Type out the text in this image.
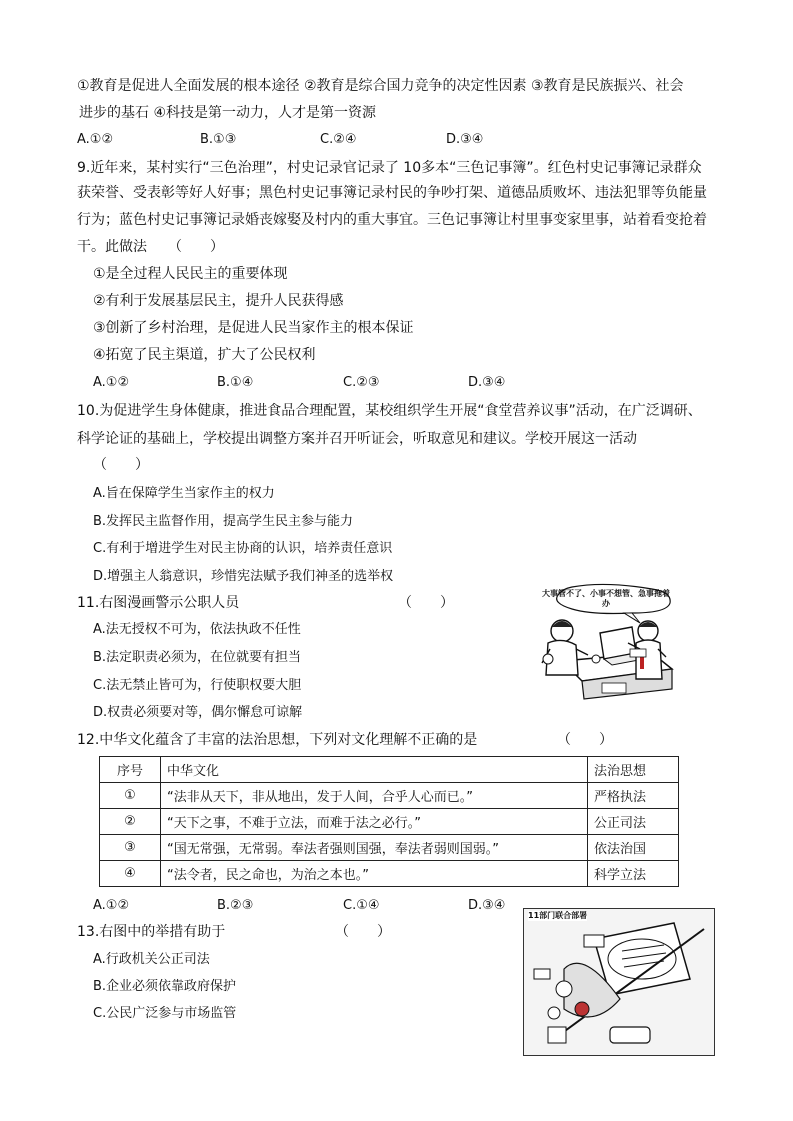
①教育是促进人全面发展的根本途径 ②教育是综合国力竞争的决定性因素 ③教育是民族振兴、社会
进步的基石 ④科技是第一动力，人才是第一资源
A.①②	B.①③	C.②④	D.③④
9.近年来，某村实行“三色治理”，村史记录官记录了 10多本“三色记事簿”。红色村史记事簿记录群众
获荣誉、受表彰等好人好事；黑色村史记事簿记录村民的争吵打架、道德品质败坏、违法犯罪等负能量
行为；蓝色村史记事簿记录婚丧嫁娶及村内的重大事宜。三色记事簿让村里事变家里事，站着看变抢着
干。此做法　　（　　）
①是全过程人民民主的重要体现
②有利于发展基层民主，提升人民获得感
③创新了乡村治理，是促进人民当家作主的根本保证
④拓宽了民主渠道，扩大了公民权利
A.①②	B.①④	C.②③	D.③④
10.为促进学生身体健康，推进食品合理配置，某校组织学生开展“食堂营养议事”活动，在广泛调研、
科学论证的基础上，学校提出调整方案并召开听证会，听取意见和建议。学校开展这一活动
（　　）
A.旨在保障学生当家作主的权力
B.发挥民主监督作用，提高学生民主参与能力
C.有利于增进学生对民主协商的认识，培养责任意识
D.增强主人翁意识，珍惜宪法赋予我们神圣的选举权
11.右图漫画警示公职人员	（　　）
A.法无授权不可为，依法执政不任性
B.法定职责必须为，在位就要有担当
C.法无禁止皆可为，行使职权要大胆
D.权责必须要对等，偶尔懈怠可谅解
大事管不了、小事不想管、急事拖着办
12.中华文化蕴含了丰富的法治思想，下列对文化理解不正确的是	（　　）
序号	中华文化	法治思想
①	“法非从天下，非从地出，发于人间，合乎人心而已。”	严格执法
②	“天下之事，不难于立法，而难于法之必行。”	公正司法
③	“国无常强，无常弱。奉法者强则国强，奉法者弱则国弱。”	依法治国
④	“法令者，民之命也，为治之本也。”	科学立法
A.①②	B.②③	C.①④	D.③④
13.右图中的举措有助于	（　　）
A.行政机关公正司法
B.企业必须依靠政府保护
C.公民广泛参与市场监管
11部门联合部署
